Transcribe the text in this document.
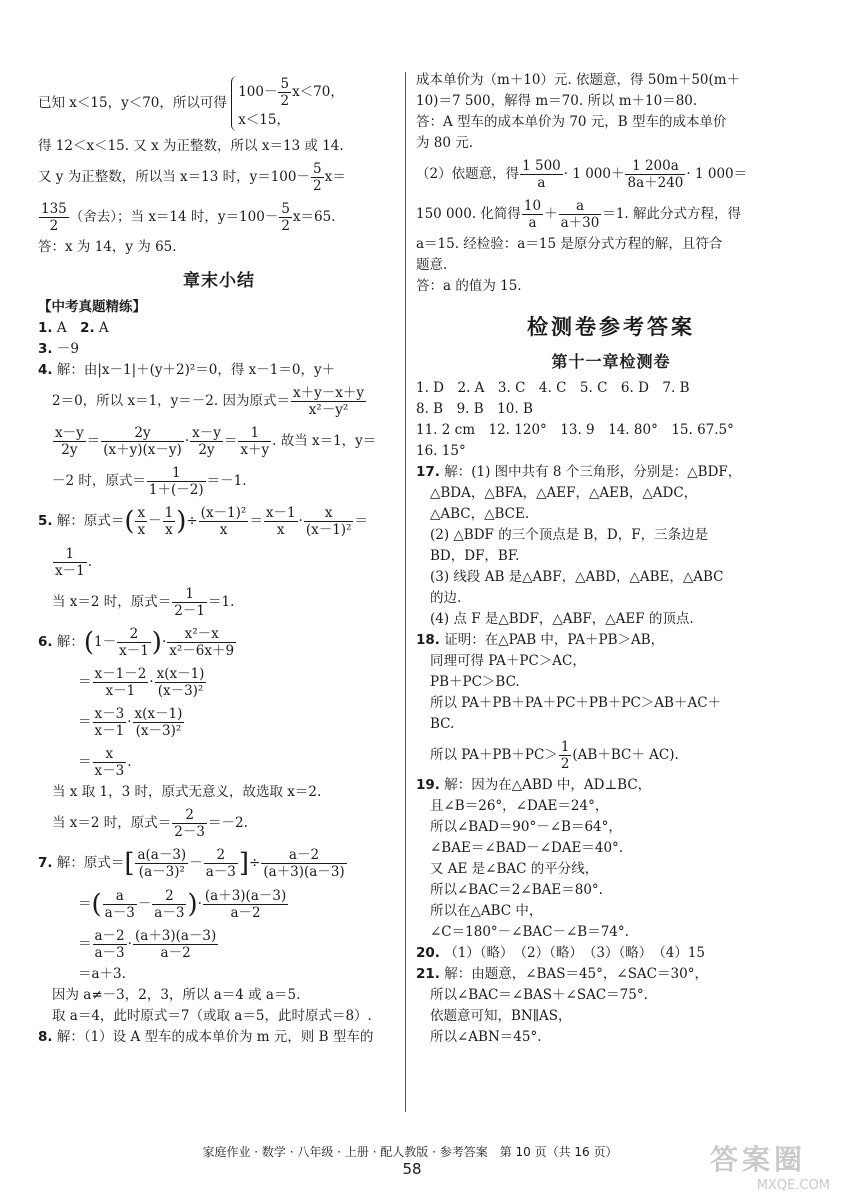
已知 x＜15，y＜70，所以可得
$100- \frac{5}{2} x<70$，
x＜15，
得 12＜x＜15. 又 x 为正整数，所以 x＝13 或 14.
又 y 为正整数，所以当 x＝13 时，$y=100- \frac{5}{2} x=$
$\frac{135}{2}$ （舍去）；当 x＝14 时，$y=100- \frac{5}{2} x=65$.
答：x 为 14，y 为 65.
章末小结
【中考真题精练】
1. A　 2. A
3. －9
4. 解：由|x－1|＋(y＋2)²＝0，得 x－1＝0，y＋
2＝0，所以 x＝1，y＝－2. 因为原式＝ $\frac{x+y-x+y}{\text{x²－y²}}$
$\frac{x-y}{2y} = \frac{2y}{(x+y)(x-y)} \cdot \frac{x-y}{2y} = \frac{1}{x+y}$ . 故当 x＝1，y＝
－2 时，原式＝ $\frac{1}{1+(-2)} =-1$.
5. 解：原式＝( $\frac{x}{x} - \frac{1}{x}$ )÷ $\frac{\text{(x－1)²}}{x} = \frac{x-1}{x} \cdot \frac{x}{\text{(x－1)²}}$ ＝
$\frac{1}{x-1}$ .
当 x＝2 时，原式＝ $\frac{1}{2-1} =1$.
6. 解：($1- \frac{2}{x-1}$ )· $\frac{\text{x²－x}}{\text{x²－6x＋9}}$
＝ $\frac{x-1-2}{x-1} \cdot \frac{x(x-1)}{\text{(x－3)²}}$
＝ $\frac{x-3}{x-1} \cdot \frac{x(x-1)}{\text{(x－3)²}}$
＝ $\frac{x}{x-3}$ .
当 x 取 1，3 时，原式无意义，故选取 x＝2.
当 x＝2 时，原式＝ $\frac{2}{2-3} =-2$.
7. 解：原式＝[ $\frac{a(a-3)}{\text{(a－3)²}} - \frac{2}{a-3}$ ]÷ $\frac{a-2}{(a+3)(a-3)}$
＝( $\frac{a}{a-3} - \frac{2}{a-3}$ )· $\frac{(a+3)(a-3)}{a-2}$
＝ $\frac{a-2}{a-3} \cdot \frac{(a+3)(a-3)}{a-2}$
＝a＋3.
因为 a≠－3，2，3，所以 a＝4 或 a＝5.
取 a＝4，此时原式＝7（或取 a＝5，此时原式＝8）.
8. 解：（1）设 A 型车的成本单价为 m 元，则 B 型车的
成本单价为（m＋10）元. 依题意，得 50m＋50(m＋
10)＝7 500，解得 m＝70. 所以 m＋10＝80.
答：A 型车的成本单价为 70 元，B 型车的成本单价
为 80 元.
（2）依题意，得 $\frac{1 500}{a} \cdot 1$ $000+ \frac{1 200a}{8a+240} \cdot 1$ 000＝
150 000. 化简得 $\frac{10}{a} + \frac{a}{a+30} =1$. 解此分式方程，得
a＝15. 经检验：a＝15 是原分式方程的解，且符合
题意.
答：a 的值为 15.
检测卷参考答案
第十一章检测卷
1. D　2. A　3. C　4. C　5. C　6. D　7. B
8. B　9. B　10. B
11. 2 cm　12. 120°　13. 9　14. 80°　15. 67.5°
16. 15°
17. 解：(1) 图中共有 8 个三角形，分别是：△BDF，
△BDA，△BFA，△AEF，△AEB，△ADC，
△ABC，△BCE.
(2) △BDF 的三个顶点是 B，D，F，三条边是
BD，DF，BF.
(3) 线段 AB 是△ABF，△ABD，△ABE，△ABC
的边.
(4) 点 F 是△BDF，△ABF，△AEF 的顶点.
18. 证明：在△PAB 中，PA＋PB＞AB，
同理可得 PA＋PC＞AC，
PB＋PC＞BC.
所以 PA＋PB＋PA＋PC＋PB＋PC＞AB＋AC＋
BC.
所以 $PA+PB+PC> \frac{1}{2} (AB+BC+ AC)$.
19. 解：因为在△ABD 中，AD⊥BC，
且∠B＝26°，∠DAE＝24°，
所以∠BAD＝90°－∠B＝64°，
∠BAE＝∠BAD－∠DAE＝40°.
又 AE 是∠BAC 的平分线，
所以∠BAC＝2∠BAE＝80°.
所以在△ABC 中，
∠C＝180°－∠BAC－∠B＝74°.
20. （1）（略）　（2）（略）　（3）（略）　（4）15
21. 解：由题意，∠BAS＝45°，∠SAC＝30°，
所以∠BAC＝∠BAS＋∠SAC＝75°.
依题意可知，BN∥AS，
所以∠ABN＝45°.
家庭作业 · 数学 · 八年级 · 上册 · 配人教版 · 参考答案　第 10 页（共 16 页）
58	答案圈
MXQE.COM
